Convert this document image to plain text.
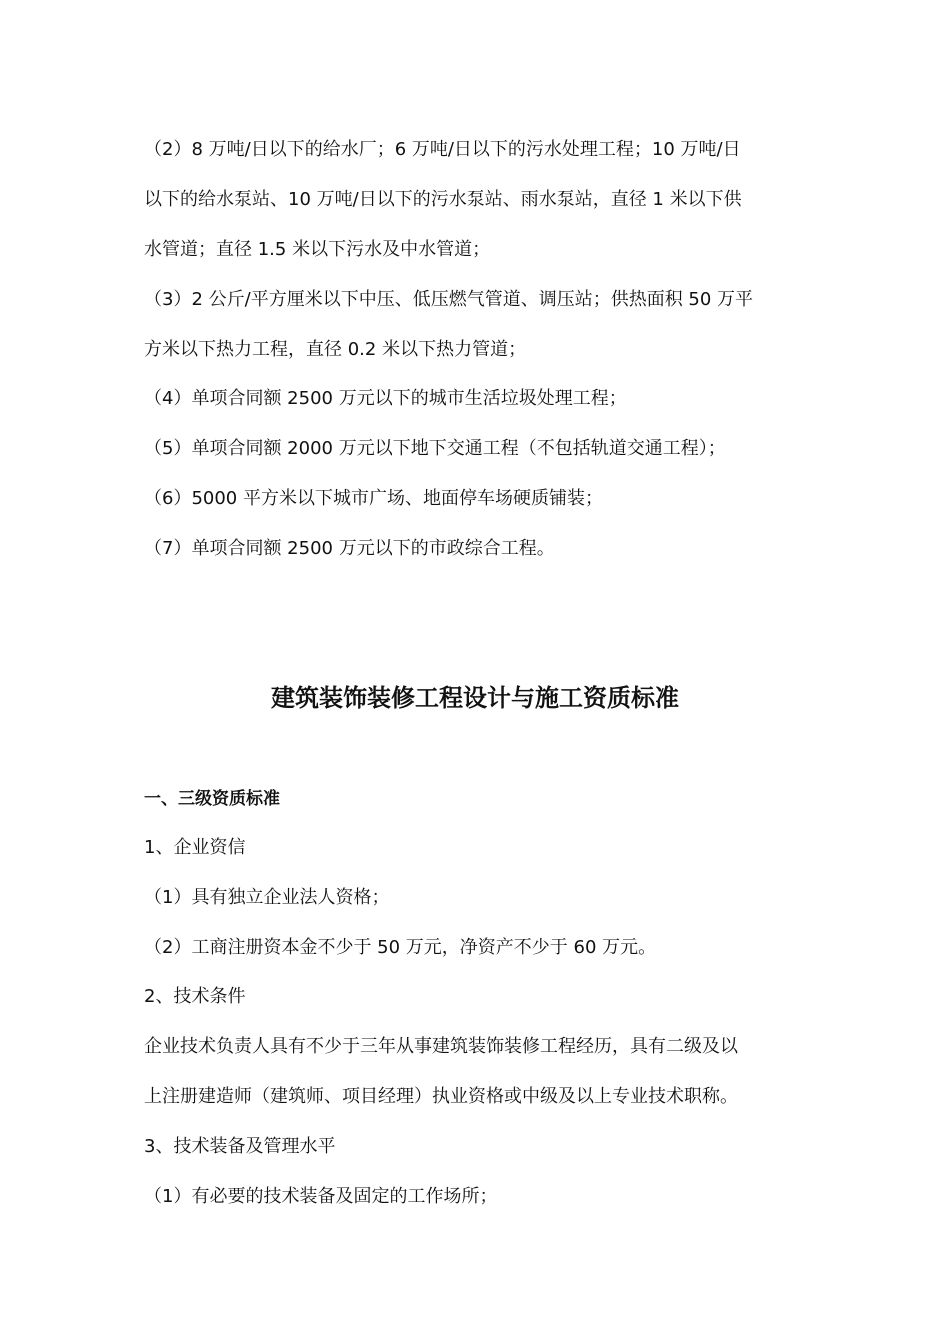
（2）8 万吨/日以下的给水厂；6 万吨/日以下的污水处理工程；10 万吨/日
以下的给水泵站、10 万吨/日以下的污水泵站、雨水泵站，直径 1 米以下供
水管道；直径 1.5 米以下污水及中水管道；
（3）2 公斤/平方厘米以下中压、低压燃气管道、调压站；供热面积 50 万平
方米以下热力工程，直径 0.2 米以下热力管道；
（4）单项合同额 2500 万元以下的城市生活垃圾处理工程；
（5）单项合同额 2000 万元以下地下交通工程（不包括轨道交通工程）；
（6）5000 平方米以下城市广场、地面停车场硬质铺装；
（7）单项合同额 2500 万元以下的市政综合工程。
建筑装饰装修工程设计与施工资质标准
一、三级资质标准
1、企业资信
（1）具有独立企业法人资格；
（2）工商注册资本金不少于 50 万元，净资产不少于 60 万元。
2、技术条件
企业技术负责人具有不少于三年从事建筑装饰装修工程经历，具有二级及以
上注册建造师（建筑师、项目经理）执业资格或中级及以上专业技术职称。
3、技术装备及管理水平
（1）有必要的技术装备及固定的工作场所；
